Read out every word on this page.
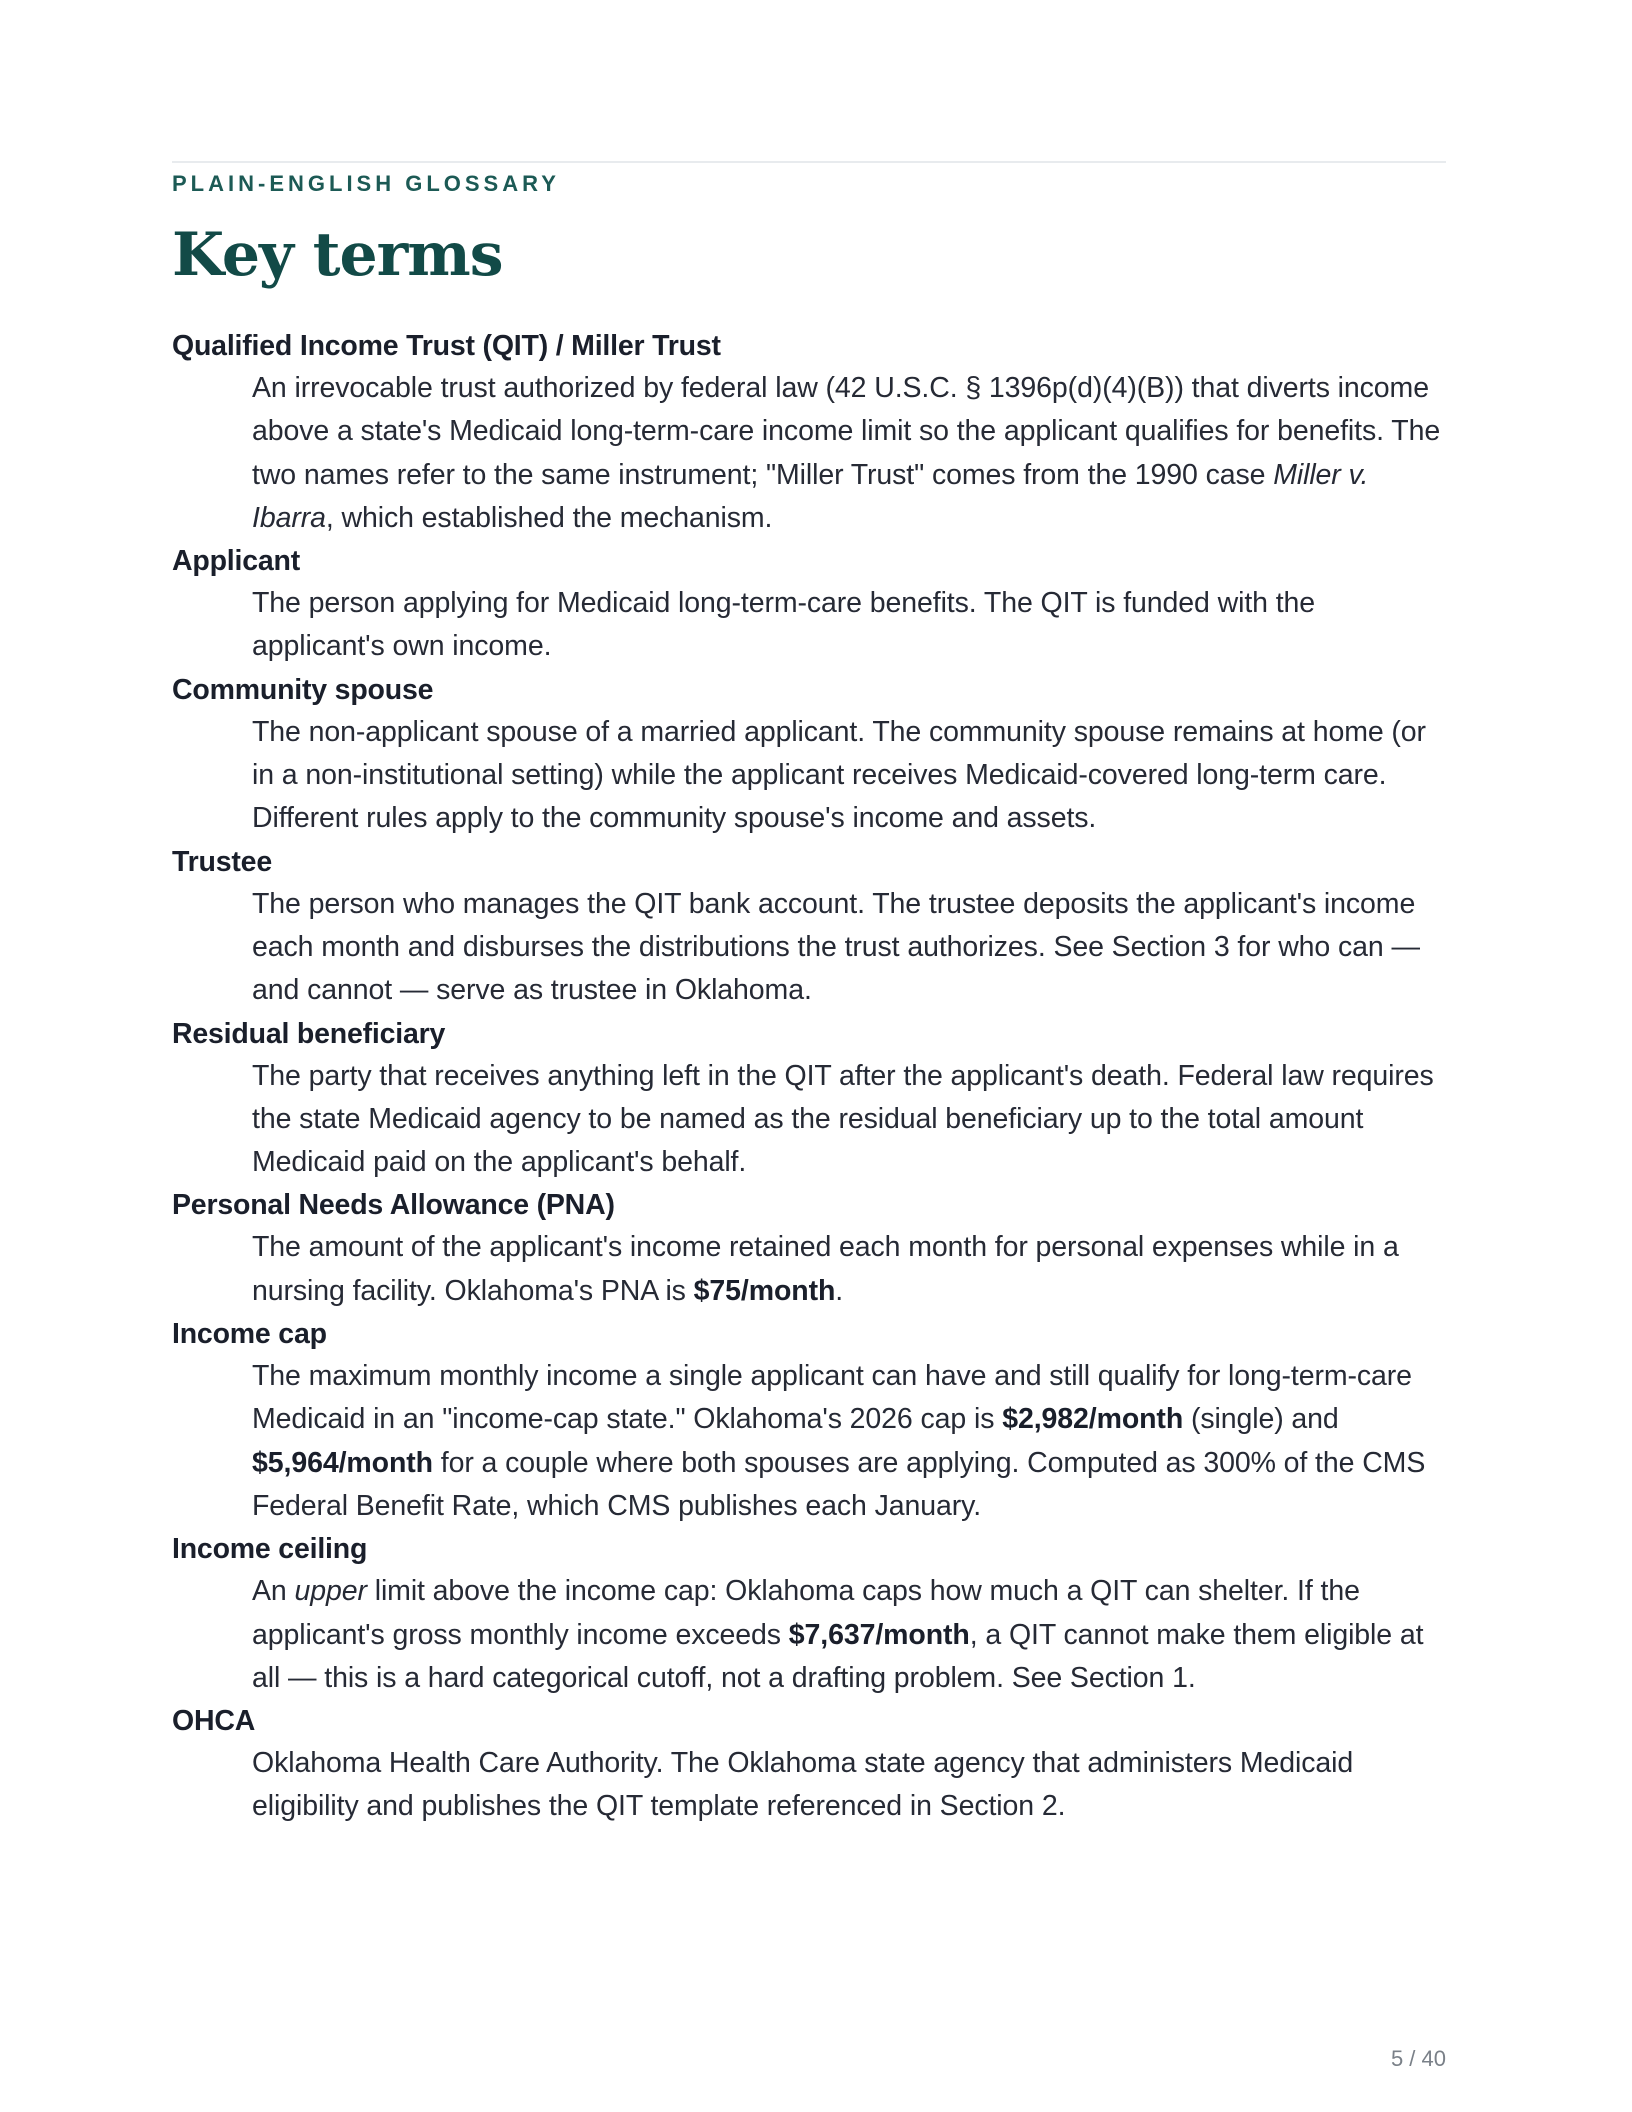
PLAIN-ENGLISH GLOSSARY
Key terms
Qualified Income Trust (QIT) / Miller Trust
An irrevocable trust authorized by federal law (42 U.S.C. § 1396p(d)(4)(B)) that diverts income above a state's Medicaid long-term-care income limit so the applicant qualifies for benefits. The two names refer to the same instrument; "Miller Trust" comes from the 1990 case Miller v. Ibarra, which established the mechanism.
Applicant
The person applying for Medicaid long-term-care benefits. The QIT is funded with the applicant's own income.
Community spouse
The non-applicant spouse of a married applicant. The community spouse remains at home (or in a non-institutional setting) while the applicant receives Medicaid-covered long-term care. Different rules apply to the community spouse's income and assets.
Trustee
The person who manages the QIT bank account. The trustee deposits the applicant's income each month and disburses the distributions the trust authorizes. See Section 3 for who can — and cannot — serve as trustee in Oklahoma.
Residual beneficiary
The party that receives anything left in the QIT after the applicant's death. Federal law requires the state Medicaid agency to be named as the residual beneficiary up to the total amount Medicaid paid on the applicant's behalf.
Personal Needs Allowance (PNA)
The amount of the applicant's income retained each month for personal expenses while in a nursing facility. Oklahoma's PNA is $75/month.
Income cap
The maximum monthly income a single applicant can have and still qualify for long-term-care Medicaid in an "income-cap state." Oklahoma's 2026 cap is $2,982/month (single) and $5,964/month for a couple where both spouses are applying. Computed as 300% of the CMS Federal Benefit Rate, which CMS publishes each January.
Income ceiling
An upper limit above the income cap: Oklahoma caps how much a QIT can shelter. If the applicant's gross monthly income exceeds $7,637/month, a QIT cannot make them eligible at all — this is a hard categorical cutoff, not a drafting problem. See Section 1.
OHCA
Oklahoma Health Care Authority. The Oklahoma state agency that administers Medicaid eligibility and publishes the QIT template referenced in Section 2.
5 / 40
